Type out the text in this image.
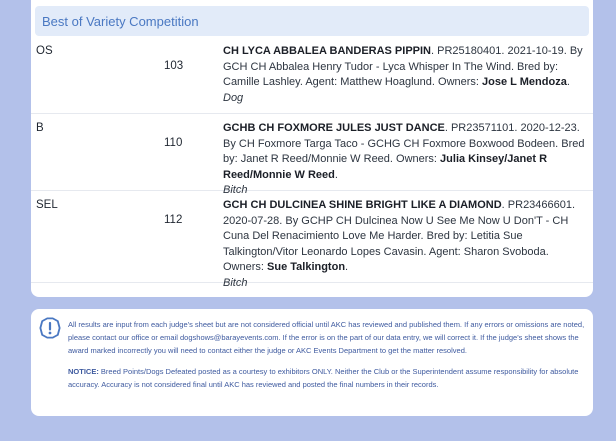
Best of Variety Competition
OS
103
CH LYCA ABBALEA BANDERAS PIPPIN. PR25180401. 2021-10-19. By GCH CH Abbalea Henry Tudor - Lyca Whisper In The Wind. Bred by: Camille Lashley. Agent: Matthew Hoaglund. Owners: Jose L Mendoza.
Dog
B
110
GCHB CH FOXMORE JULES JUST DANCE. PR23571101. 2020-12-23. By CH Foxmore Targa Taco - GCHG CH Foxmore Boxwood Bodeen. Bred by: Janet R Reed/Monnie W Reed. Owners: Julia Kinsey/Janet R Reed/Monnie W Reed.
Bitch
SEL
112
GCH CH DULCINEA SHINE BRIGHT LIKE A DIAMOND. PR23466601. 2020-07-28. By GCHP CH Dulcinea Now U See Me Now U Don'T - CH Cuna Del Renacimiento Love Me Harder. Bred by: Letitia Sue Talkington/Vitor Leonardo Lopes Cavasin. Agent: Sharon Svoboda. Owners: Sue Talkington.
Bitch

All results are input from each judge's sheet but are not considered official until AKC has reviewed and published them. If any errors or omissions are noted, please contact our office or email dogshows@barayevents.com. If the error is on the part of our data entry, we will correct it. If the judge's sheet shows the award marked incorrectly you will need to contact either the judge or AKC Events Department to get the matter resolved.

NOTICE: Breed Points/Dogs Defeated posted as a courtesy to exhibitors ONLY. Neither the Club or the Superintendent assume responsibility for absolute accuracy. Accuracy is not considered final until AKC has reviewed and posted the final numbers in their records.
